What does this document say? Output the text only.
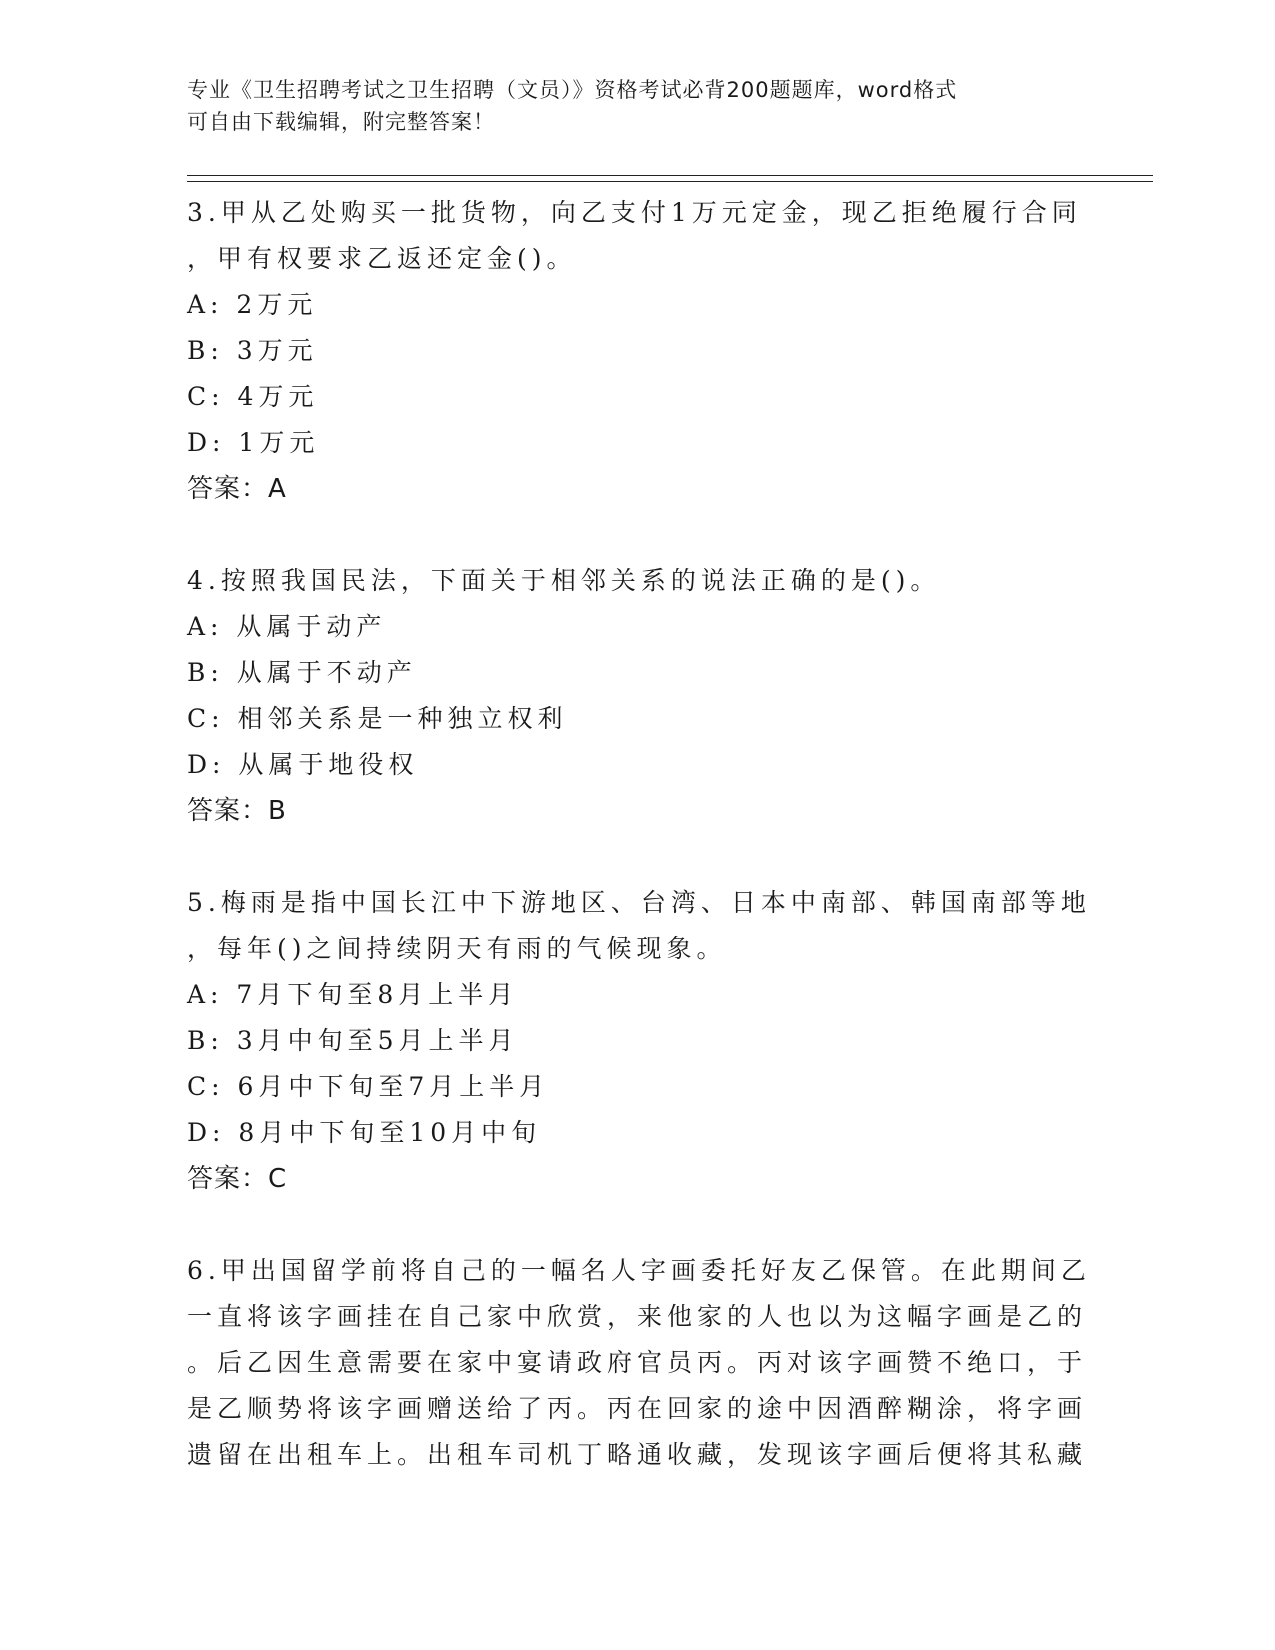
专业《卫生招聘考试之卫生招聘（文员）》资格考试必背200题题库，word格式
可自由下载编辑，附完整答案！
3.甲从乙处购买一批货物，向乙支付1万元定金，现乙拒绝履行合同
，甲有权要求乙返还定金()。
A: 2万元
B: 3万元
C: 4万元
D: 1万元
答案：A
4.按照我国民法，下面关于相邻关系的说法正确的是()。
A: 从属于动产
B: 从属于不动产
C: 相邻关系是一种独立权利
D: 从属于地役权
答案：B
5.梅雨是指中国长江中下游地区、台湾、日本中南部、韩国南部等地
，每年()之间持续阴天有雨的气候现象。
A: 7月下旬至8月上半月
B: 3月中旬至5月上半月
C: 6月中下旬至7月上半月
D: 8月中下旬至10月中旬
答案：C
6.甲出国留学前将自己的一幅名人字画委托好友乙保管。在此期间乙
一直将该字画挂在自己家中欣赏，来他家的人也以为这幅字画是乙的
。后乙因生意需要在家中宴请政府官员丙。丙对该字画赞不绝口，于
是乙顺势将该字画赠送给了丙。丙在回家的途中因酒醉糊涂，将字画
遗留在出租车上。出租车司机丁略通收藏，发现该字画后便将其私藏
